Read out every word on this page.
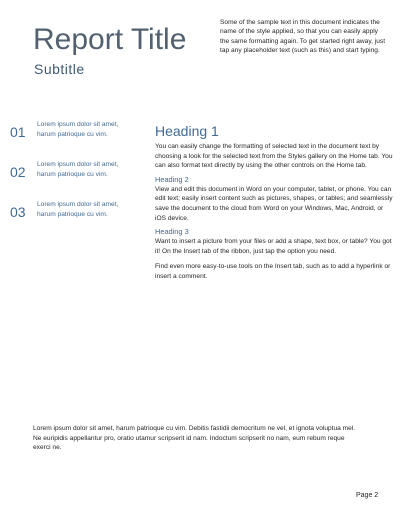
Report Title
Subtitle
Some of the sample text in this document indicates the name of the style applied, so that you can easily apply the same formatting again. To get started right away, just tap any placeholder text (such as this) and start typing.
01 Lorem ipsum dolor sit amet, harum patrioque cu vim.
02 Lorem ipsum dolor sit amet, harum patrioque cu vim.
03 Lorem ipsum dolor sit amet, harum patrioque cu vim.
Heading 1

You can easily change the formatting of selected text in the document text by choosing a look for the selected text from the Styles gallery on the Home tab. You can also format text directly by using the other controls on the Home tab.

Heading 2

View and edit this document in Word on your computer, tablet, or phone. You can edit text; easily insert content such as pictures, shapes, or tables; and seamlessly save the document to the cloud from Word on your Windows, Mac, Android, or iOS device.

Heading 3

Want to insert a picture from your files or add a shape, text box, or table? You got it! On the Insert tab of the ribbon, just tap the option you need.

Find even more easy-to-use tools on the Insert tab, such as to add a hyperlink or insert a comment.

Lorem ipsum dolor sit amet, harum patrioque cu vim. Debitis fastidii democritum ne vel, et ignota voluptua mel. Ne euripidis appellantur pro, oratio utamur scripserit id nam. Indoctum scripserit no nam, eum rebum reque exerci ne.
Page 2
